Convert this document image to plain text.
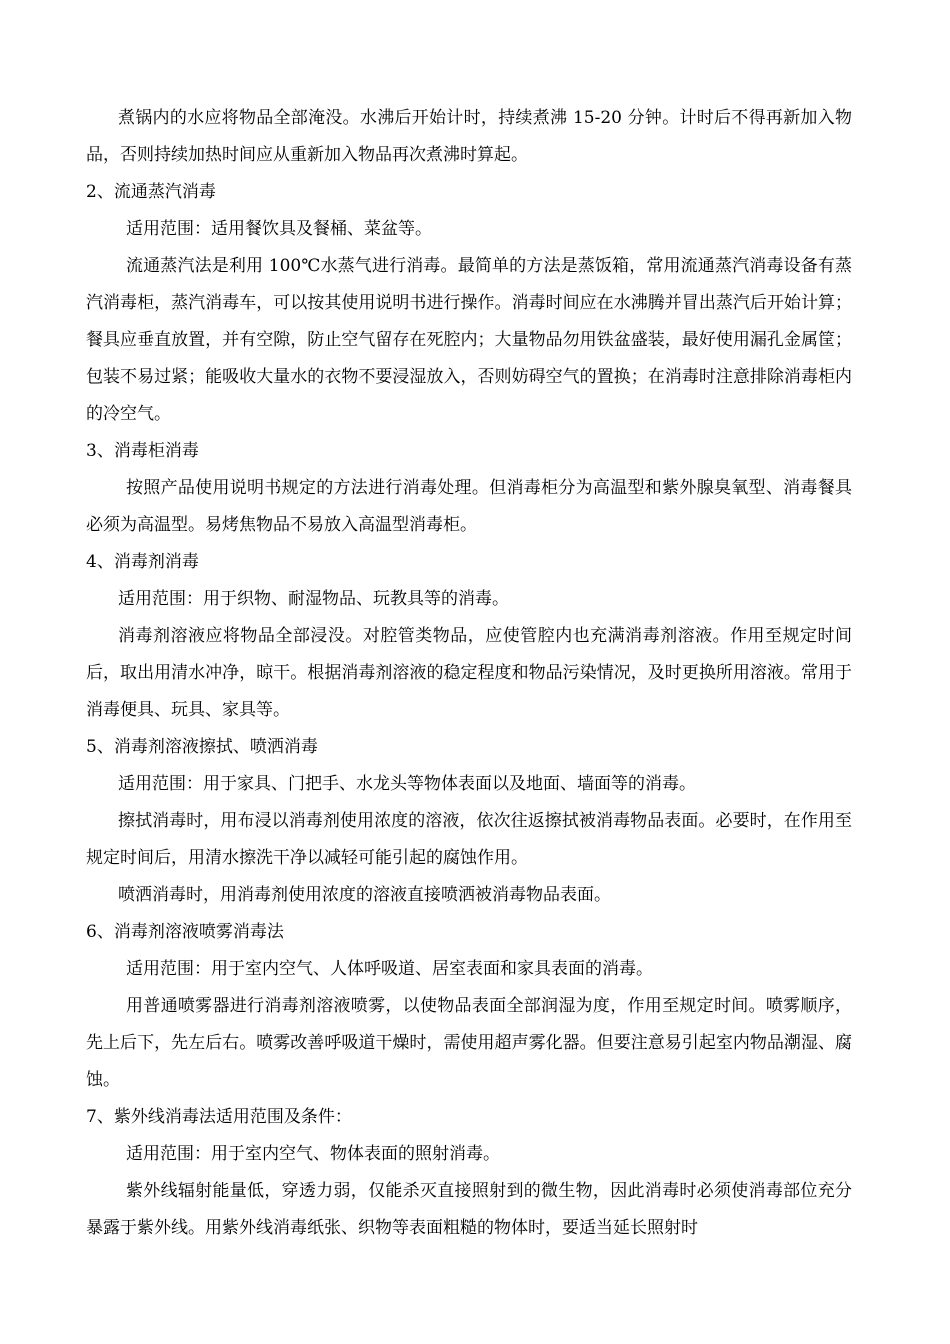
煮锅内的水应将物品全部淹没。水沸后开始计时，持续煮沸 15-20 分钟。计时后不得再新加入物品，否则持续加热时间应从重新加入物品再次煮沸时算起。
2、流通蒸汽消毒
适用范围：适用餐饮具及餐桶、菜盆等。
流通蒸汽法是利用 100℃水蒸气进行消毒。最简单的方法是蒸饭箱，常用流通蒸汽消毒设备有蒸汽消毒柜，蒸汽消毒车，可以按其使用说明书进行操作。消毒时间应在水沸腾并冒出蒸汽后开始计算；餐具应垂直放置，并有空隙，防止空气留存在死腔内；大量物品勿用铁盆盛装，最好使用漏孔金属筐；包装不易过紧；能吸收大量水的衣物不要浸湿放入，否则妨碍空气的置换；在消毒时注意排除消毒柜内的冷空气。
3、消毒柜消毒
按照产品使用说明书规定的方法进行消毒处理。但消毒柜分为高温型和紫外腺臭氧型、消毒餐具必须为高温型。易烤焦物品不易放入高温型消毒柜。
4、消毒剂消毒
适用范围：用于织物、耐湿物品、玩教具等的消毒。
消毒剂溶液应将物品全部浸没。对腔管类物品，应使管腔内也充满消毒剂溶液。作用至规定时间后，取出用清水冲净，晾干。根据消毒剂溶液的稳定程度和物品污染情况，及时更换所用溶液。常用于消毒便具、玩具、家具等。
5、消毒剂溶液擦拭、喷洒消毒
适用范围：用于家具、门把手、水龙头等物体表面以及地面、墙面等的消毒。
擦拭消毒时，用布浸以消毒剂使用浓度的溶液，依次往返擦拭被消毒物品表面。必要时，在作用至规定时间后，用清水擦洗干净以减轻可能引起的腐蚀作用。
喷洒消毒时，用消毒剂使用浓度的溶液直接喷洒被消毒物品表面。
6、消毒剂溶液喷雾消毒法
适用范围：用于室内空气、人体呼吸道、居室表面和家具表面的消毒。
用普通喷雾器进行消毒剂溶液喷雾，以使物品表面全部润湿为度，作用至规定时间。喷雾顺序，先上后下，先左后右。喷雾改善呼吸道干燥时，需使用超声雾化器。但要注意易引起室内物品潮湿、腐蚀。
7、紫外线消毒法适用范围及条件：
适用范围：用于室内空气、物体表面的照射消毒。
紫外线辐射能量低，穿透力弱，仅能杀灭直接照射到的微生物，因此消毒时必须使消毒部位充分暴露于紫外线。用紫外线消毒纸张、织物等表面粗糙的物体时，要适当延长照射时
